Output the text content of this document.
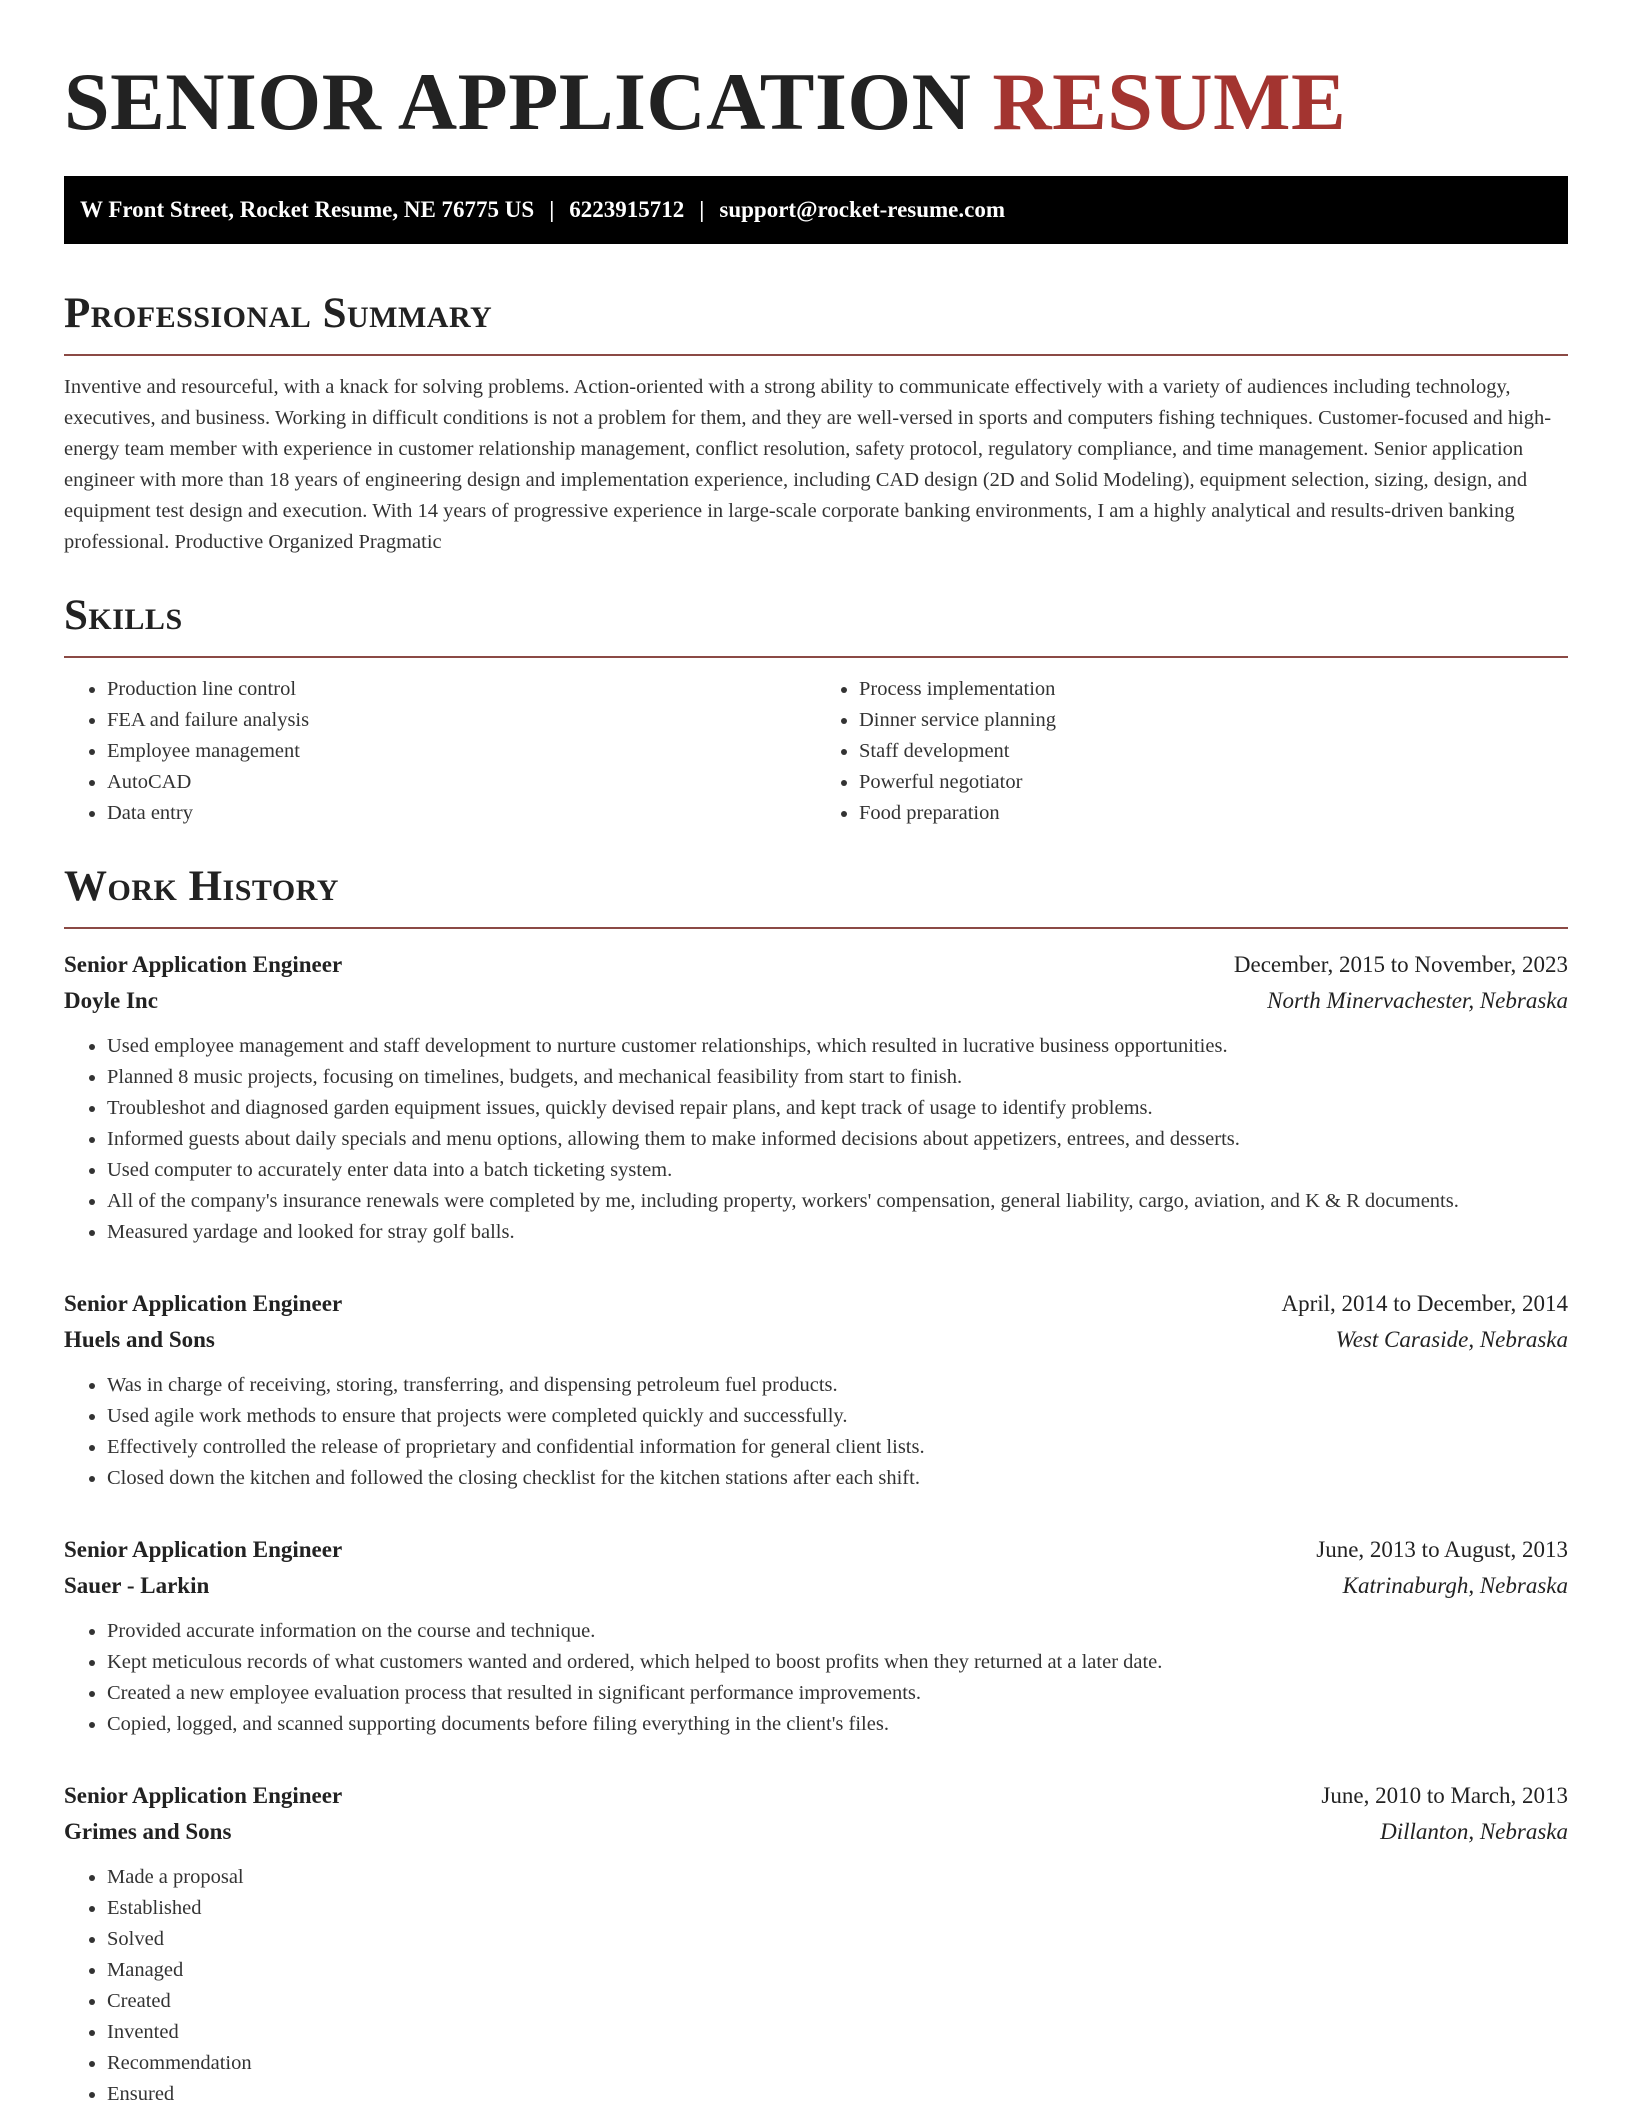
SENIOR APPLICATION RESUME
W Front Street, Rocket Resume, NE 76775 US | 6223915712 | support@rocket-resume.com
Professional Summary

Inventive and resourceful, with a knack for solving problems. Action-oriented with a strong ability to communicate effectively with a variety of audiences including technology, executives, and business. Working in difficult conditions is not a problem for them, and they are well-versed in sports and computers fishing techniques. Customer-focused and high-energy team member with experience in customer relationship management, conflict resolution, safety protocol, regulatory compliance, and time management. Senior application engineer with more than 18 years of engineering design and implementation experience, including CAD design (2D and Solid Modeling), equipment selection, sizing, design, and equipment test design and execution. With 14 years of progressive experience in large-scale corporate banking environments, I am a highly analytical and results-driven banking professional. Productive Organized Pragmatic

Skills
• Production line control
• FEA and failure analysis
• Employee management
• AutoCAD
• Data entry
• Process implementation
• Dinner service planning
• Staff development
• Powerful negotiator
• Food preparation
Work History
Senior Application Engineer	December, 2015 to November, 2023
Doyle Inc	North Minervachester, Nebraska
• Used employee management and staff development to nurture customer relationships, which resulted in lucrative business opportunities.
• Planned 8 music projects, focusing on timelines, budgets, and mechanical feasibility from start to finish.
• Troubleshot and diagnosed garden equipment issues, quickly devised repair plans, and kept track of usage to identify problems.
• Informed guests about daily specials and menu options, allowing them to make informed decisions about appetizers, entrees, and desserts.
• Used computer to accurately enter data into a batch ticketing system.
• All of the company's insurance renewals were completed by me, including property, workers' compensation, general liability, cargo, aviation, and K & R documents.
• Measured yardage and looked for stray golf balls.
Senior Application Engineer	April, 2014 to December, 2014
Huels and Sons	West Caraside, Nebraska
• Was in charge of receiving, storing, transferring, and dispensing petroleum fuel products.
• Used agile work methods to ensure that projects were completed quickly and successfully.
• Effectively controlled the release of proprietary and confidential information for general client lists.
• Closed down the kitchen and followed the closing checklist for the kitchen stations after each shift.
Senior Application Engineer	June, 2013 to August, 2013
Sauer - Larkin	Katrinaburgh, Nebraska
• Provided accurate information on the course and technique.
• Kept meticulous records of what customers wanted and ordered, which helped to boost profits when they returned at a later date.
• Created a new employee evaluation process that resulted in significant performance improvements.
• Copied, logged, and scanned supporting documents before filing everything in the client's files.
Senior Application Engineer	June, 2010 to March, 2013
Grimes and Sons	Dillanton, Nebraska
• Made a proposal
• Established
• Solved
• Managed
• Created
• Invented
• Recommendation
• Ensured
